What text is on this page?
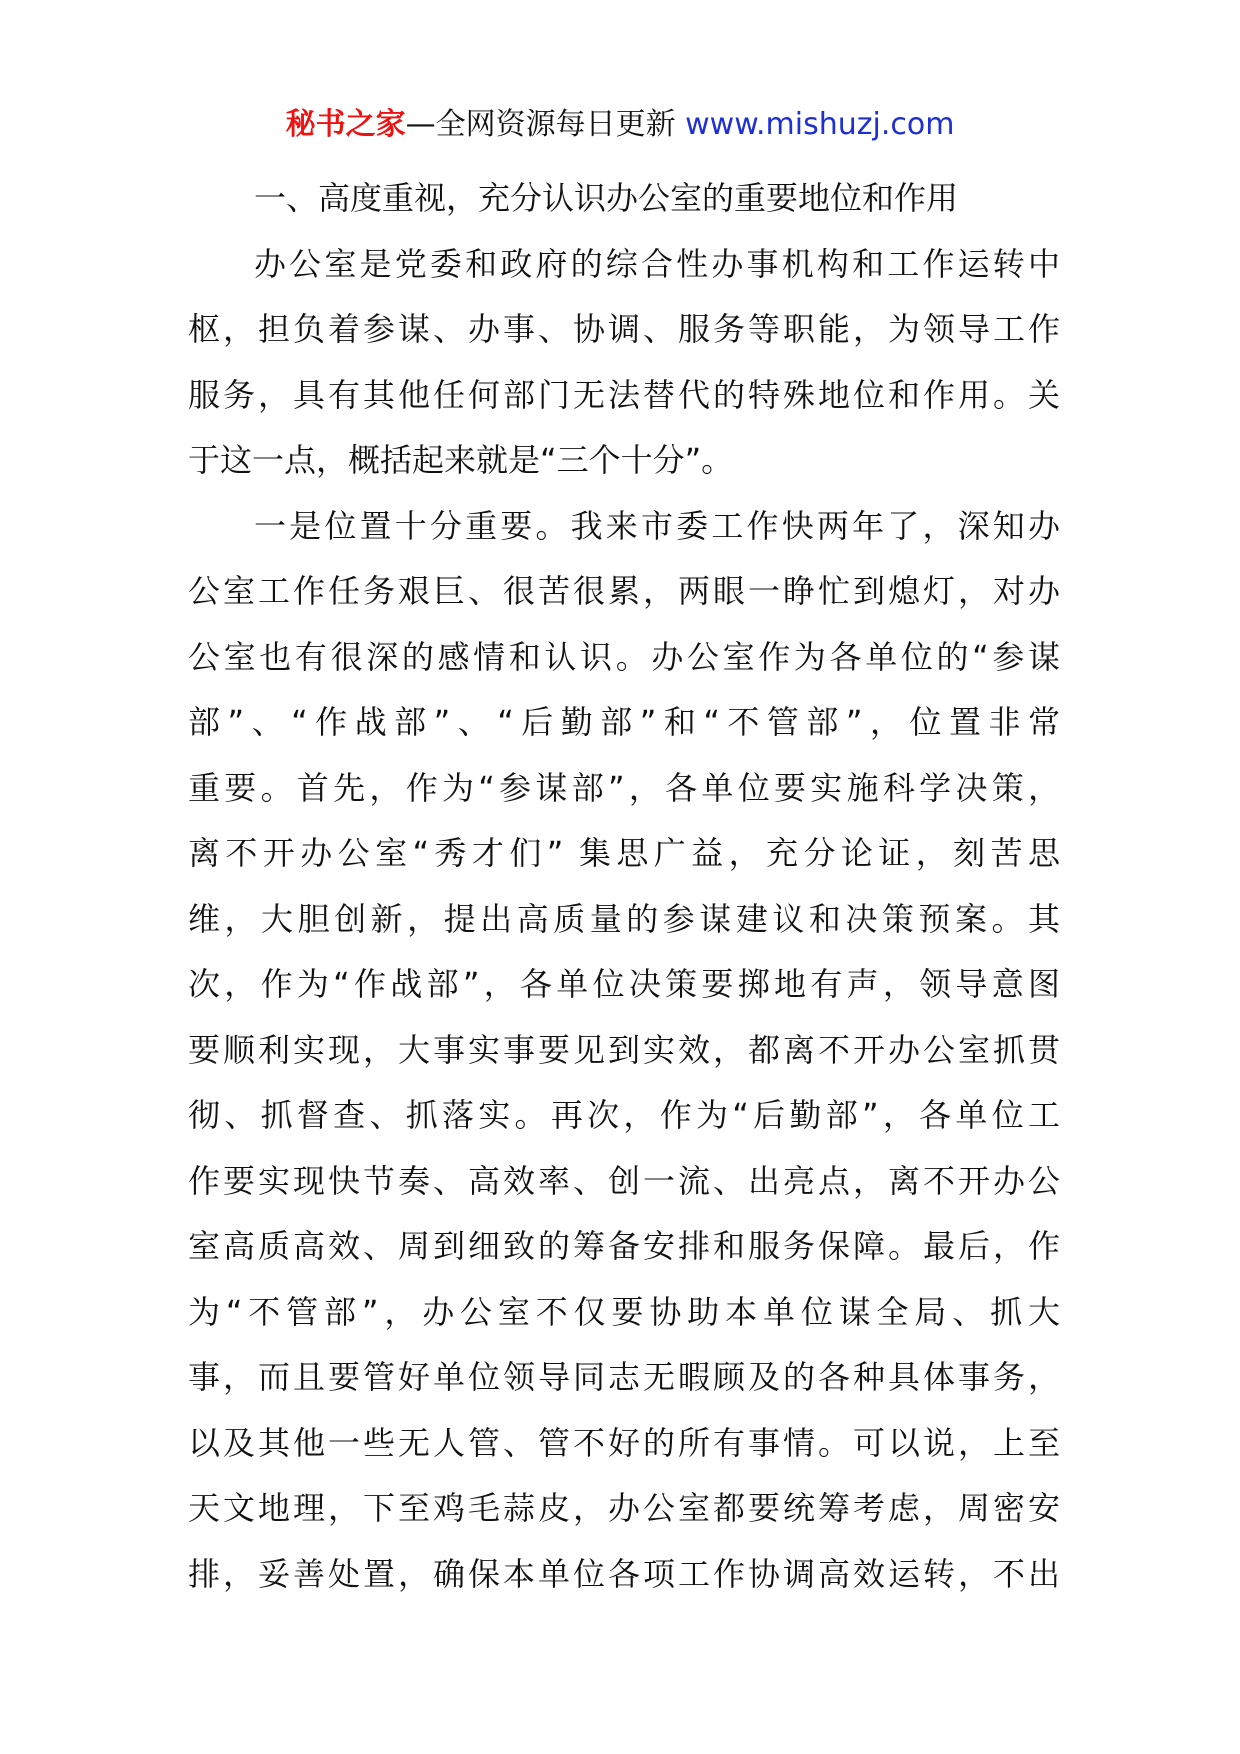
秘书之家—全网资源每日更新 www.mishuzj.com

一、高度重视，充分认识办公室的重要地位和作用

办公室是党委和政府的综合性办事机构和工作运转中

枢，担负着参谋、办事、协调、服务等职能，为领导工作

服务，具有其他任何部门无法替代的特殊地位和作用。关

于这一点，概括起来就是“三个十分”。

一是位置十分重要。我来市委工作快两年了，深知办

公室工作任务艰巨、很苦很累，两眼一睁忙到熄灯，对办

公室也有很深的感情和认识。办公室作为各单位的“参谋

部”、“作战部”、“后勤部”和“不管部”，位置非常

重要。首先，作为“参谋部”，各单位要实施科学决策，

离不开办公室“秀才们” 集思广益，充分论证，刻苦思

维，大胆创新，提出高质量的参谋建议和决策预案。其

次，作为“作战部”，各单位决策要掷地有声，领导意图

要顺利实现，大事实事要见到实效，都离不开办公室抓贯

彻、抓督查、抓落实。再次，作为“后勤部”，各单位工

作要实现快节奏、高效率、创一流、出亮点，离不开办公

室高质高效、周到细致的筹备安排和服务保障。最后，作

为“不管部”，办公室不仅要协助本单位谋全局、抓大

事，而且要管好单位领导同志无暇顾及的各种具体事务，

以及其他一些无人管、管不好的所有事情。可以说，上至

天文地理，下至鸡毛蒜皮，办公室都要统筹考虑，周密安

排，妥善处置，确保本单位各项工作协调高效运转，不出
